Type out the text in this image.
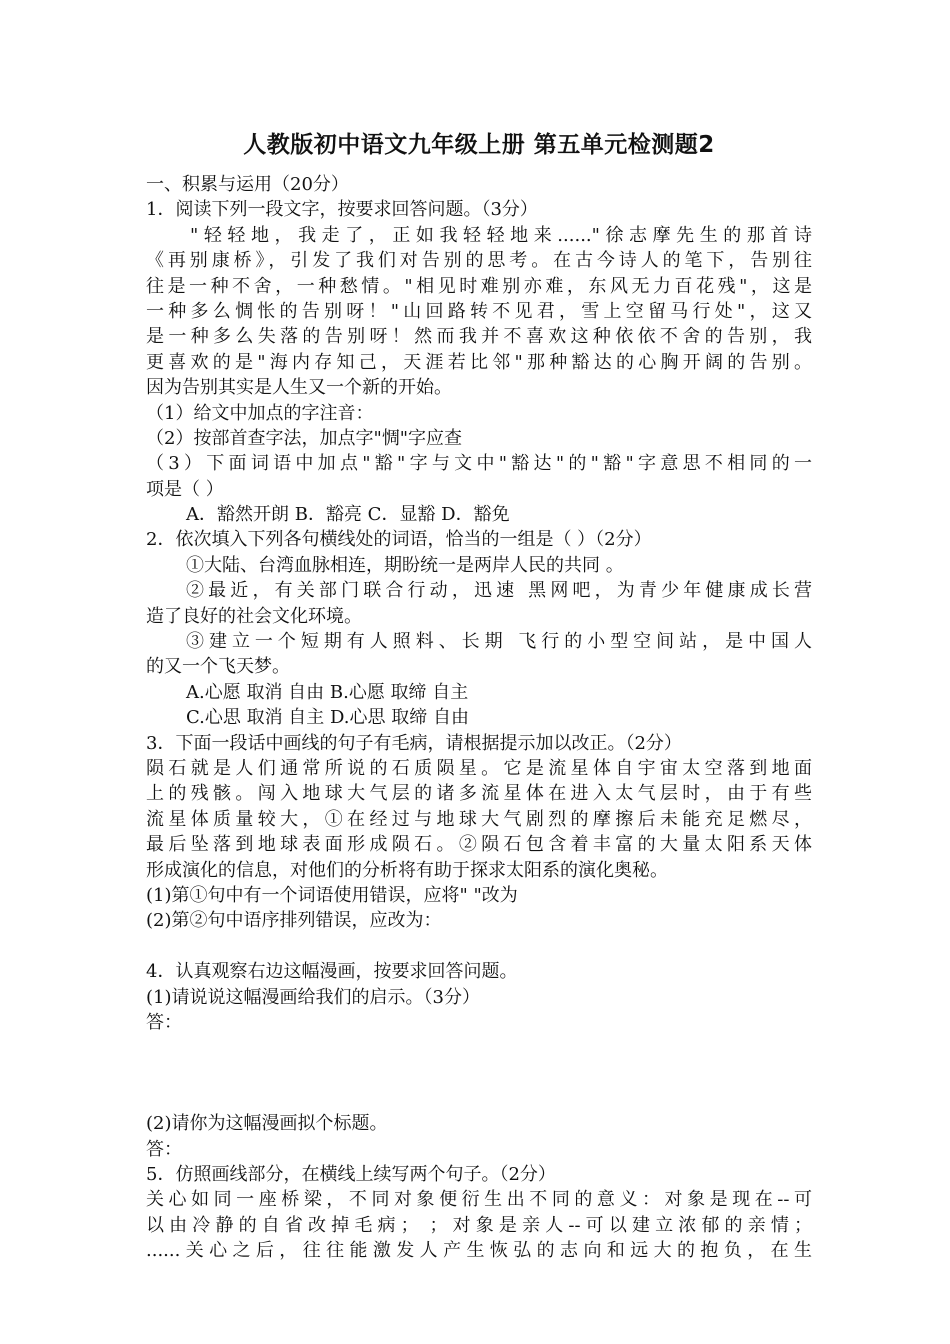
人教版初中语文九年级上册 第五单元检测题2
一、积累与运用（20分）
1．阅读下列一段文字，按要求回答问题。（3分）
"轻轻地，我走了，正如我轻轻地来......"徐志摩先生的那首诗
《再别康桥》，引发了我们对告别的思考。在古今诗人的笔下，告别往
往是一种不舍，一种愁情。"相见时难别亦难，东风无力百花残"，这是
一种多么惆怅的告别呀！"山回路转不见君，雪上空留马行处"，这又
是一种多么失落的告别呀！然而我并不喜欢这种依依不舍的告别，我
更喜欢的是"海内存知己，天涯若比邻"那种豁达的心胸开阔的告别。
因为告别其实是人生又一个新的开始。
（1）给文中加点的字注音：
（2）按部首查字法，加点字"惆"字应查
（3）下面词语中加点"豁"字与文中"豁达"的"豁"字意思不相同的一
项是（ ）
A．豁然开朗 B．豁亮 C．显豁 D．豁免
2．依次填入下列各句横线处的词语，恰当的一组是（ ）（2分）
①大陆、台湾血脉相连，期盼统一是两岸人民的共同 。
②最近，有关部门联合行动，迅速 黑网吧，为青少年健康成长营
造了良好的社会文化环境。
③建立一个短期有人照料、长期 飞行的小型空间站，是中国人
的又一个飞天梦。
A.心愿 取消 自由 B.心愿 取缔 自主
C.心思 取消 自主 D.心思 取缔 自由
3．下面一段话中画线的句子有毛病，请根据提示加以改正。（2分）
陨石就是人们通常所说的石质陨星。它是流星体自宇宙太空落到地面
上的残骸。闯入地球大气层的诸多流星体在进入太气层时，由于有些
流星体质量较大，①在经过与地球大气剧烈的摩擦后未能充足燃尽，
最后坠落到地球表面形成陨石。②陨石包含着丰富的大量太阳系天体
形成演化的信息，对他们的分析将有助于探求太阳系的演化奥秘。
(1)第①句中有一个词语使用错误，应将" "改为
(2)第②句中语序排列错误，应改为：
4．认真观察右边这幅漫画，按要求回答问题。
(1)请说说这幅漫画给我们的启示。（3分）
答：
(2)请你为这幅漫画拟个标题。
答：
5．仿照画线部分，在横线上续写两个句子。（2分）
关心如同一座桥梁，不同对象便衍生出不同的意义：对象是现在--可
以由冷静的自省改掉毛病； ；对象是亲人--可以建立浓郁的亲情；
......关心之后，往往能激发人产生恢弘的志向和远大的抱负，在生
